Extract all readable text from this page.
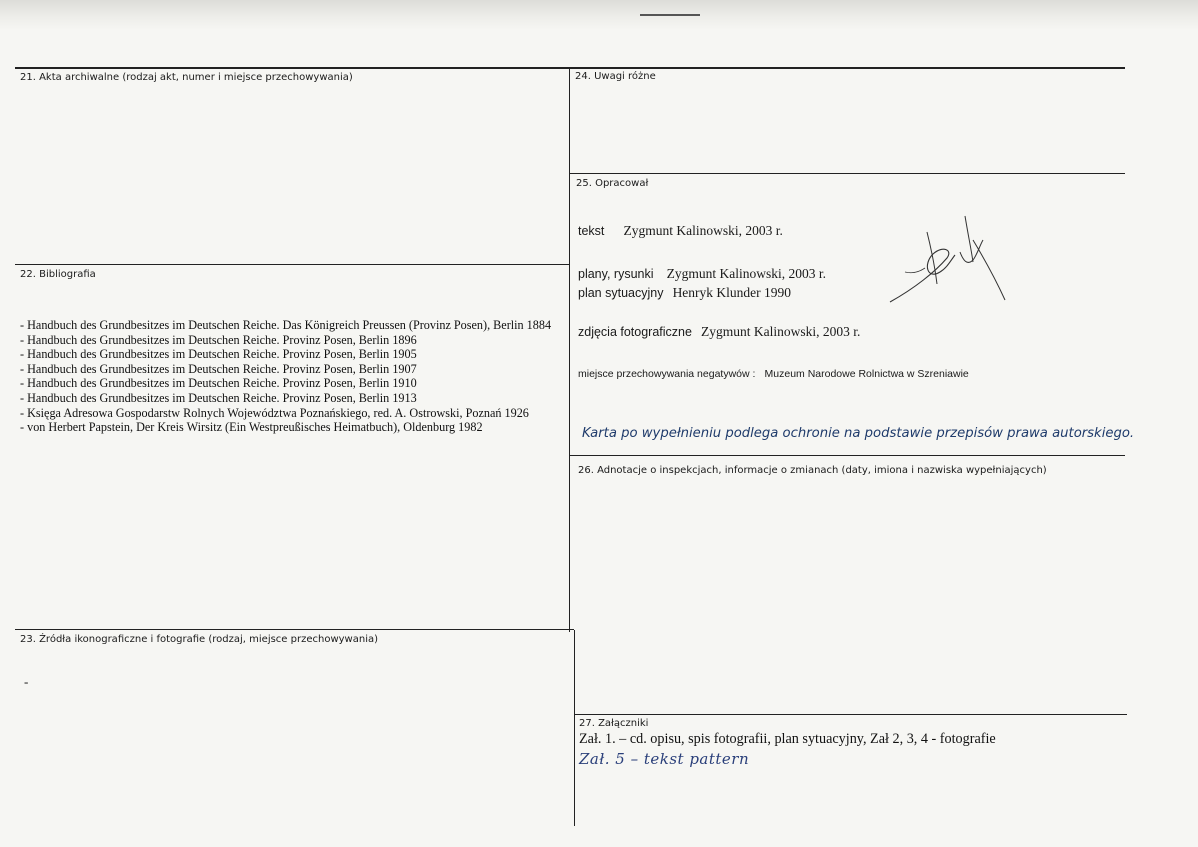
21. Akta archiwalne (rodzaj akt, numer i miejsce przechowywania)
22. Bibliografia
- Handbuch des Grundbesitzes im Deutschen Reiche. Das Königreich Preussen (Provinz Posen), Berlin 1884
- Handbuch des Grundbesitzes im Deutschen Reiche. Provinz Posen, Berlin 1896
- Handbuch des Grundbesitzes im Deutschen Reiche. Provinz Posen, Berlin 1905
- Handbuch des Grundbesitzes im Deutschen Reiche. Provinz Posen, Berlin 1907
- Handbuch des Grundbesitzes im Deutschen Reiche. Provinz Posen, Berlin 1910
- Handbuch des Grundbesitzes im Deutschen Reiche. Provinz Posen, Berlin 1913
- Księga Adresowa Gospodarstw Rolnych Województwa Poznańskiego, red. A. Ostrowski, Poznań 1926
- von Herbert Papstein, Der Kreis Wirsitz (Ein Westpreußisches Heimatbuch), Oldenburg 1982
23. Źródła ikonograficzne i fotografie (rodzaj, miejsce przechowywania)
-
24. Uwagi różne
25. Opracował
tekst Zygmunt Kalinowski, 2003 r.
plany, rysunki Zygmunt Kalinowski, 2003 r.
plan sytuacyjny Henryk Klunder 1990
zdjęcia fotograficzne Zygmunt Kalinowski, 2003 r.
miejsce przechowywania negatywów : Muzeum Narodowe Rolnictwa w Szreniawie
Karta po wypełnieniu podlega ochronie na podstawie przepisów prawa autorskiego.
26. Adnotacje o inspekcjach, informacje o zmianach (daty, imiona i nazwiska wypełniających)
27. Załączniki
Zał. 1. – cd. opisu, spis fotografii, plan sytuacyjny, Zał 2, 3, 4 - fotografie
Zał. 5 – tekst pattern
